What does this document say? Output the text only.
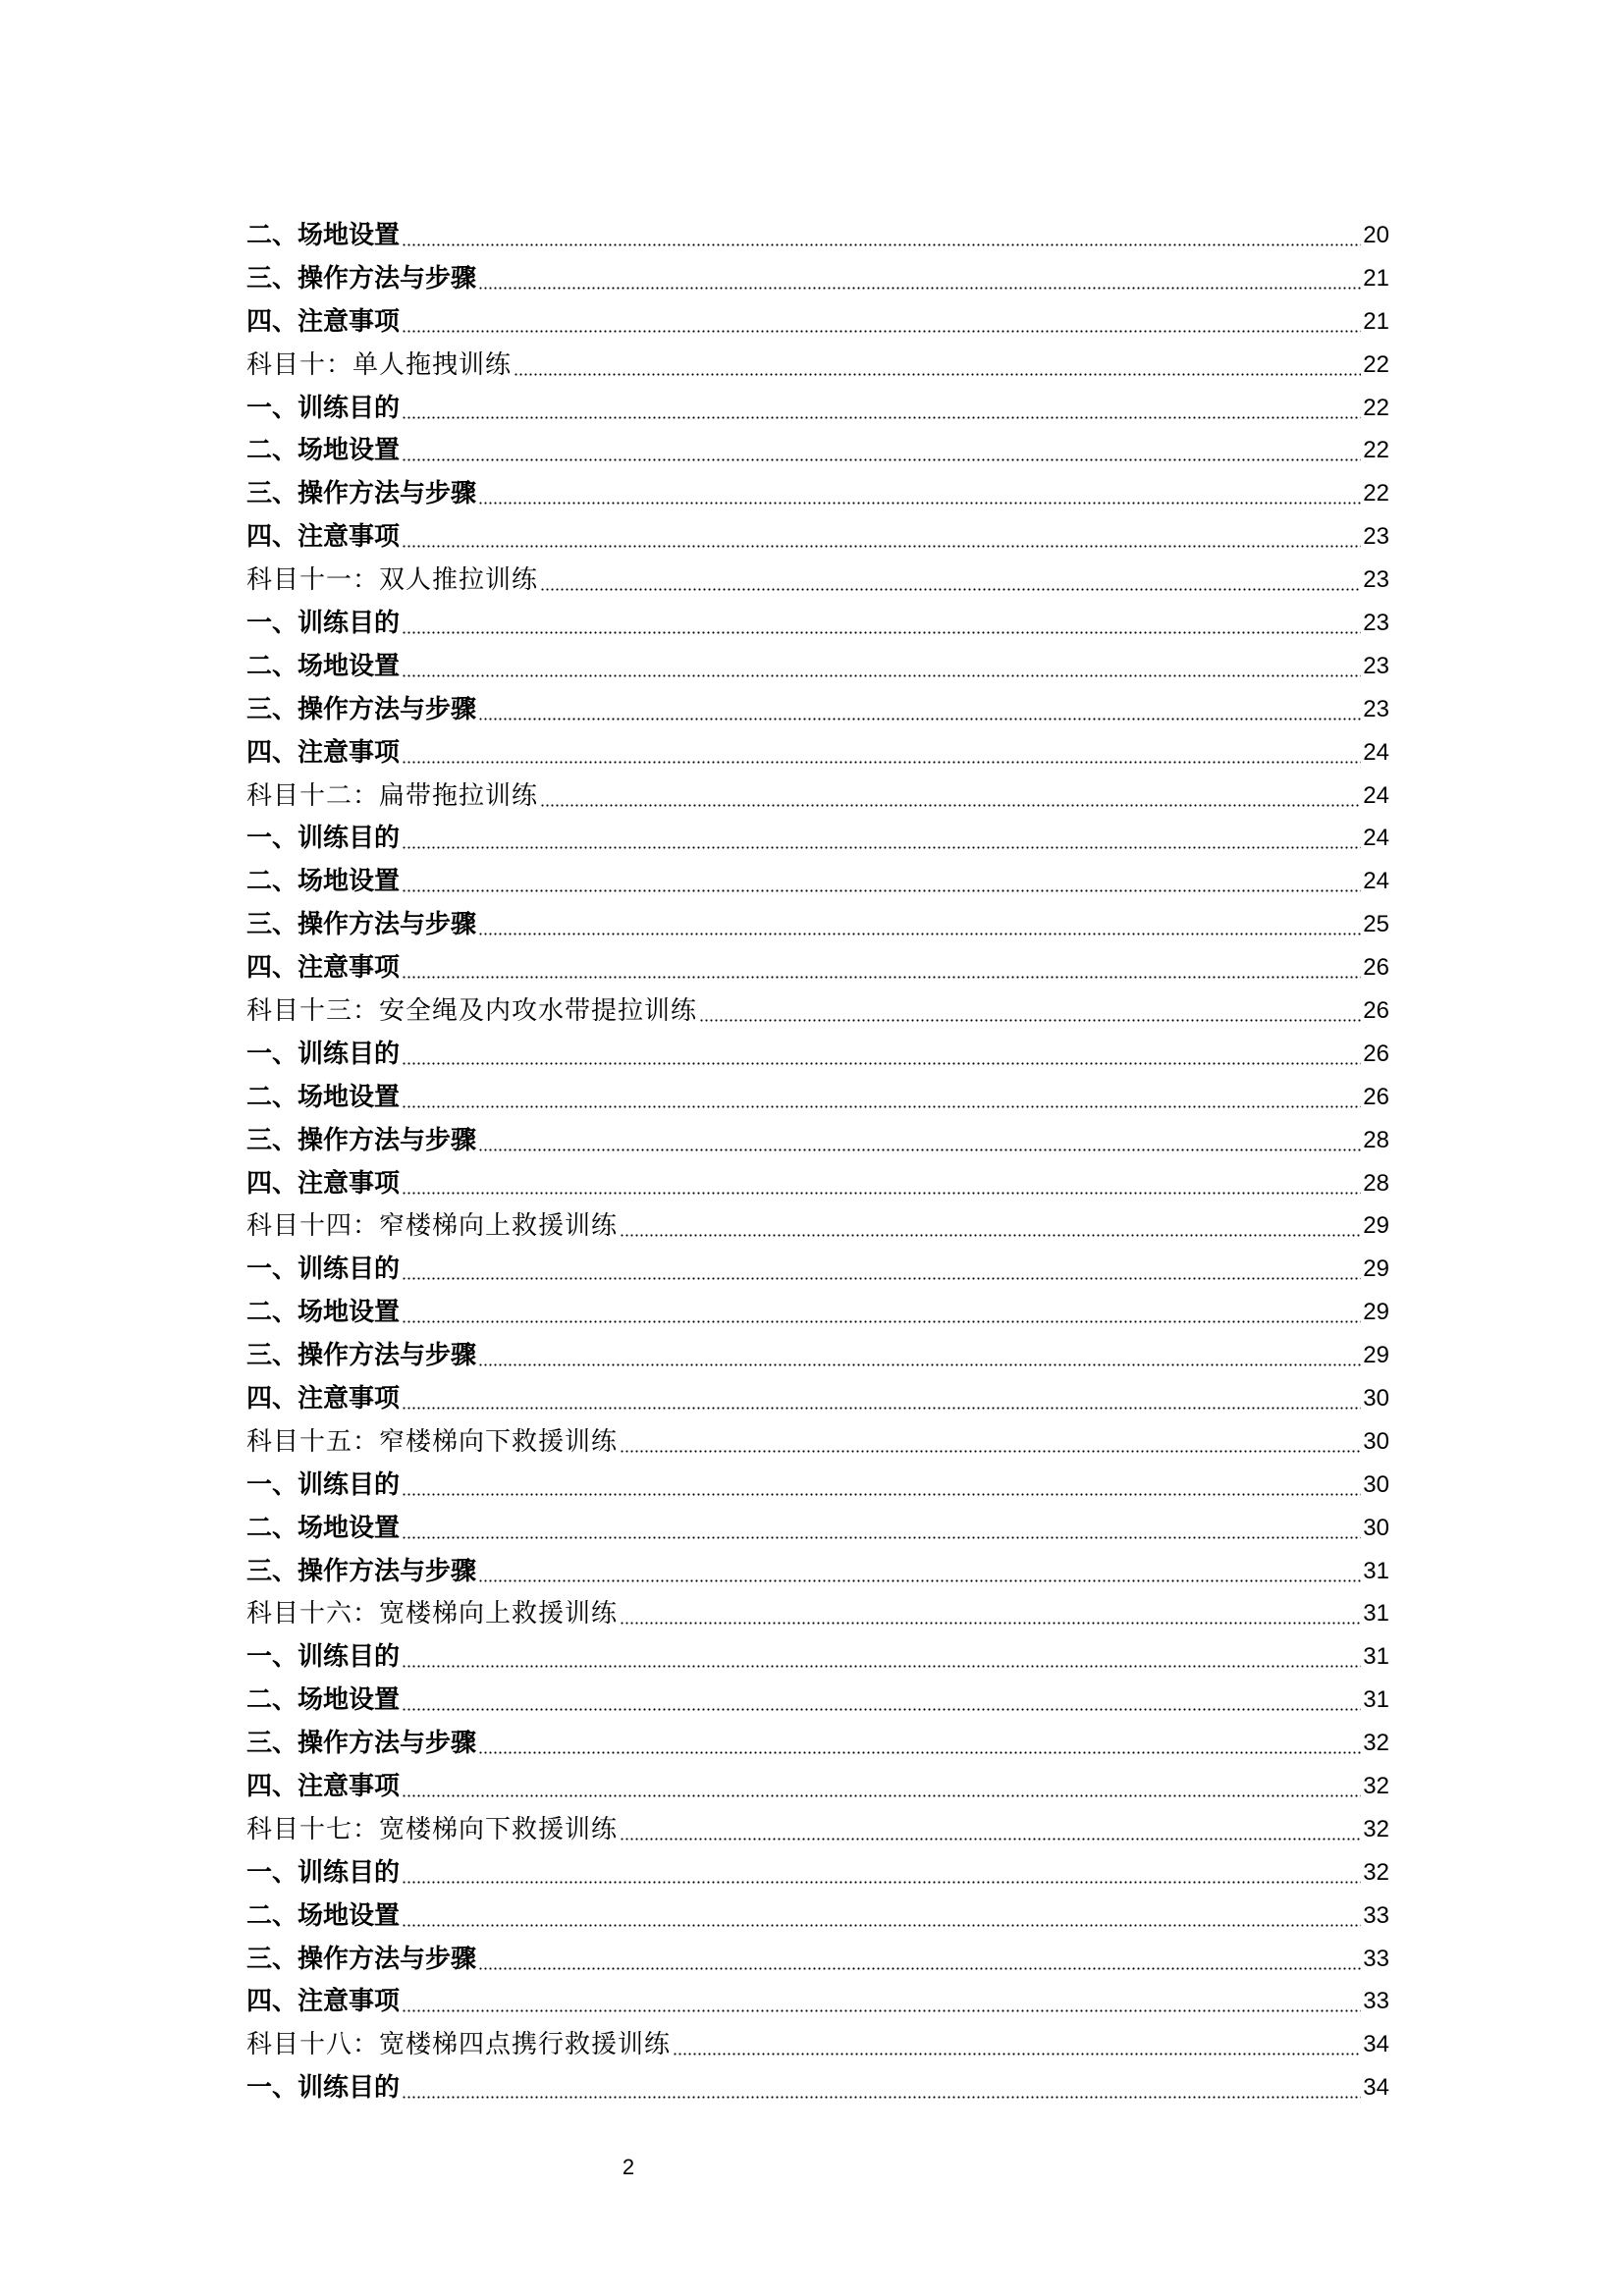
二、场地设置	20
三、操作方法与步骤	21
四、注意事项	21
科目十：单人拖拽训练	22
一、训练目的	22
二、场地设置	22
三、操作方法与步骤	22
四、注意事项	23
科目十一：双人推拉训练	23
一、训练目的	23
二、场地设置	23
三、操作方法与步骤	23
四、注意事项	24
科目十二：扁带拖拉训练	24
一、训练目的	24
二、场地设置	24
三、操作方法与步骤	25
四、注意事项	26
科目十三：安全绳及内攻水带提拉训练	26
一、训练目的	26
二、场地设置	26
三、操作方法与步骤	28
四、注意事项	28
科目十四：窄楼梯向上救援训练	29
一、训练目的	29
二、场地设置	29
三、操作方法与步骤	29
四、注意事项	30
科目十五：窄楼梯向下救援训练	30
一、训练目的	30
二、场地设置	30
三、操作方法与步骤	31
科目十六：宽楼梯向上救援训练	31
一、训练目的	31
二、场地设置	31
三、操作方法与步骤	32
四、注意事项	32
科目十七：宽楼梯向下救援训练	32
一、训练目的	32
二、场地设置	33
三、操作方法与步骤	33
四、注意事项	33
科目十八：宽楼梯四点携行救援训练	34
一、训练目的	34
2
